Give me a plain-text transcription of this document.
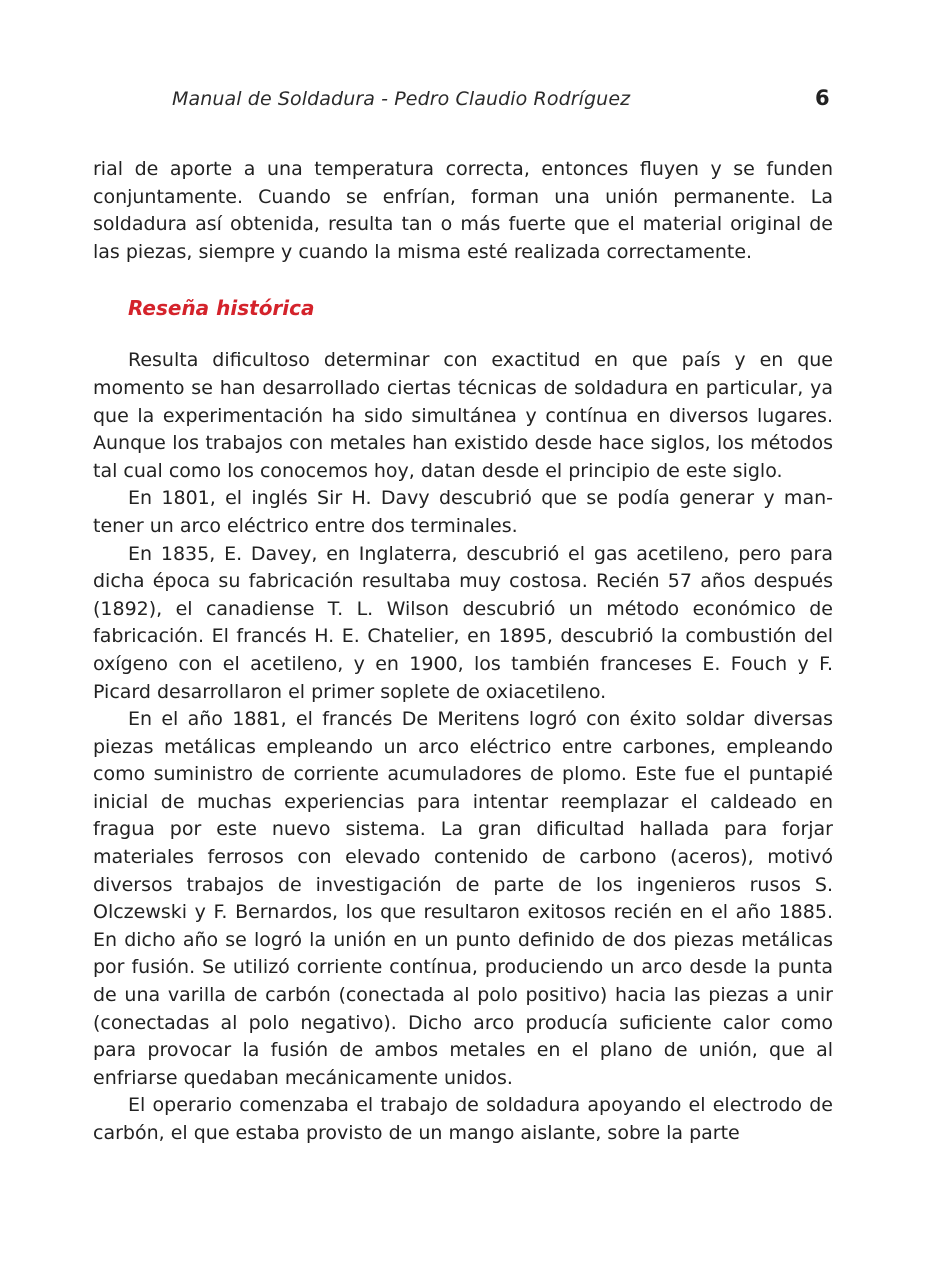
Manual de Soldadura - Pedro Claudio Rodríguez	6

rial de aporte a una temperatura correcta, entonces fluyen y se funden conjuntamente. Cuando se enfrían, forman una unión permanente. La soldadura así obtenida, resulta tan o más fuerte que el material original de las piezas, siempre y cuando la misma esté realizada correctamente.

Reseña histórica

Resulta dificultoso determinar con exactitud en que país y en que momento se han desarrollado ciertas técnicas de soldadura en particular, ya que la experimentación ha sido simultánea y contínua en diversos lugares. Aunque los trabajos con metales han existido desde hace siglos, los métodos tal cual como los conocemos hoy, datan desde el principio de este siglo.

En 1801, el inglés Sir H. Davy descubrió que se podía generar y mantener un arco eléctrico entre dos terminales.

En 1835, E. Davey, en Inglaterra, descubrió el gas acetileno, pero para dicha época su fabricación resultaba muy costosa. Recién 57 años después (1892), el canadiense T. L. Wilson descubrió un método económico de fabricación. El francés H. E. Chatelier, en 1895, descubrió la combustión del oxígeno con el acetileno, y en 1900, los también franceses E. Fouch y F. Picard desarrollaron el primer soplete de oxiacetileno.

En el año 1881, el francés De Meritens logró con éxito soldar diversas piezas metálicas empleando un arco eléctrico entre carbones, empleando como suministro de corriente acumuladores de plomo. Este fue el puntapié inicial de muchas experiencias para intentar reemplazar el caldeado en fragua por este nuevo sistema. La gran dificultad hallada para forjar materiales ferrosos con elevado contenido de carbono (aceros), motivó diversos trabajos de investigación de parte de los ingenieros rusos S. Olczewski y F. Bernardos, los que resultaron exitosos recién en el año 1885. En dicho año se logró la unión en un punto definido de dos piezas metálicas por fusión. Se utilizó corriente contínua, produciendo un arco desde la punta de una varilla de carbón (conectada al polo positivo) hacia las piezas a unir (conectadas al polo negativo). Dicho arco producía suficiente calor como para provocar la fusión de ambos metales en el plano de unión, que al enfriarse quedaban mecánicamente unidos.

El operario comenzaba el trabajo de soldadura apoyando el electrodo de carbón, el que estaba provisto de un mango aislante, sobre la parte
